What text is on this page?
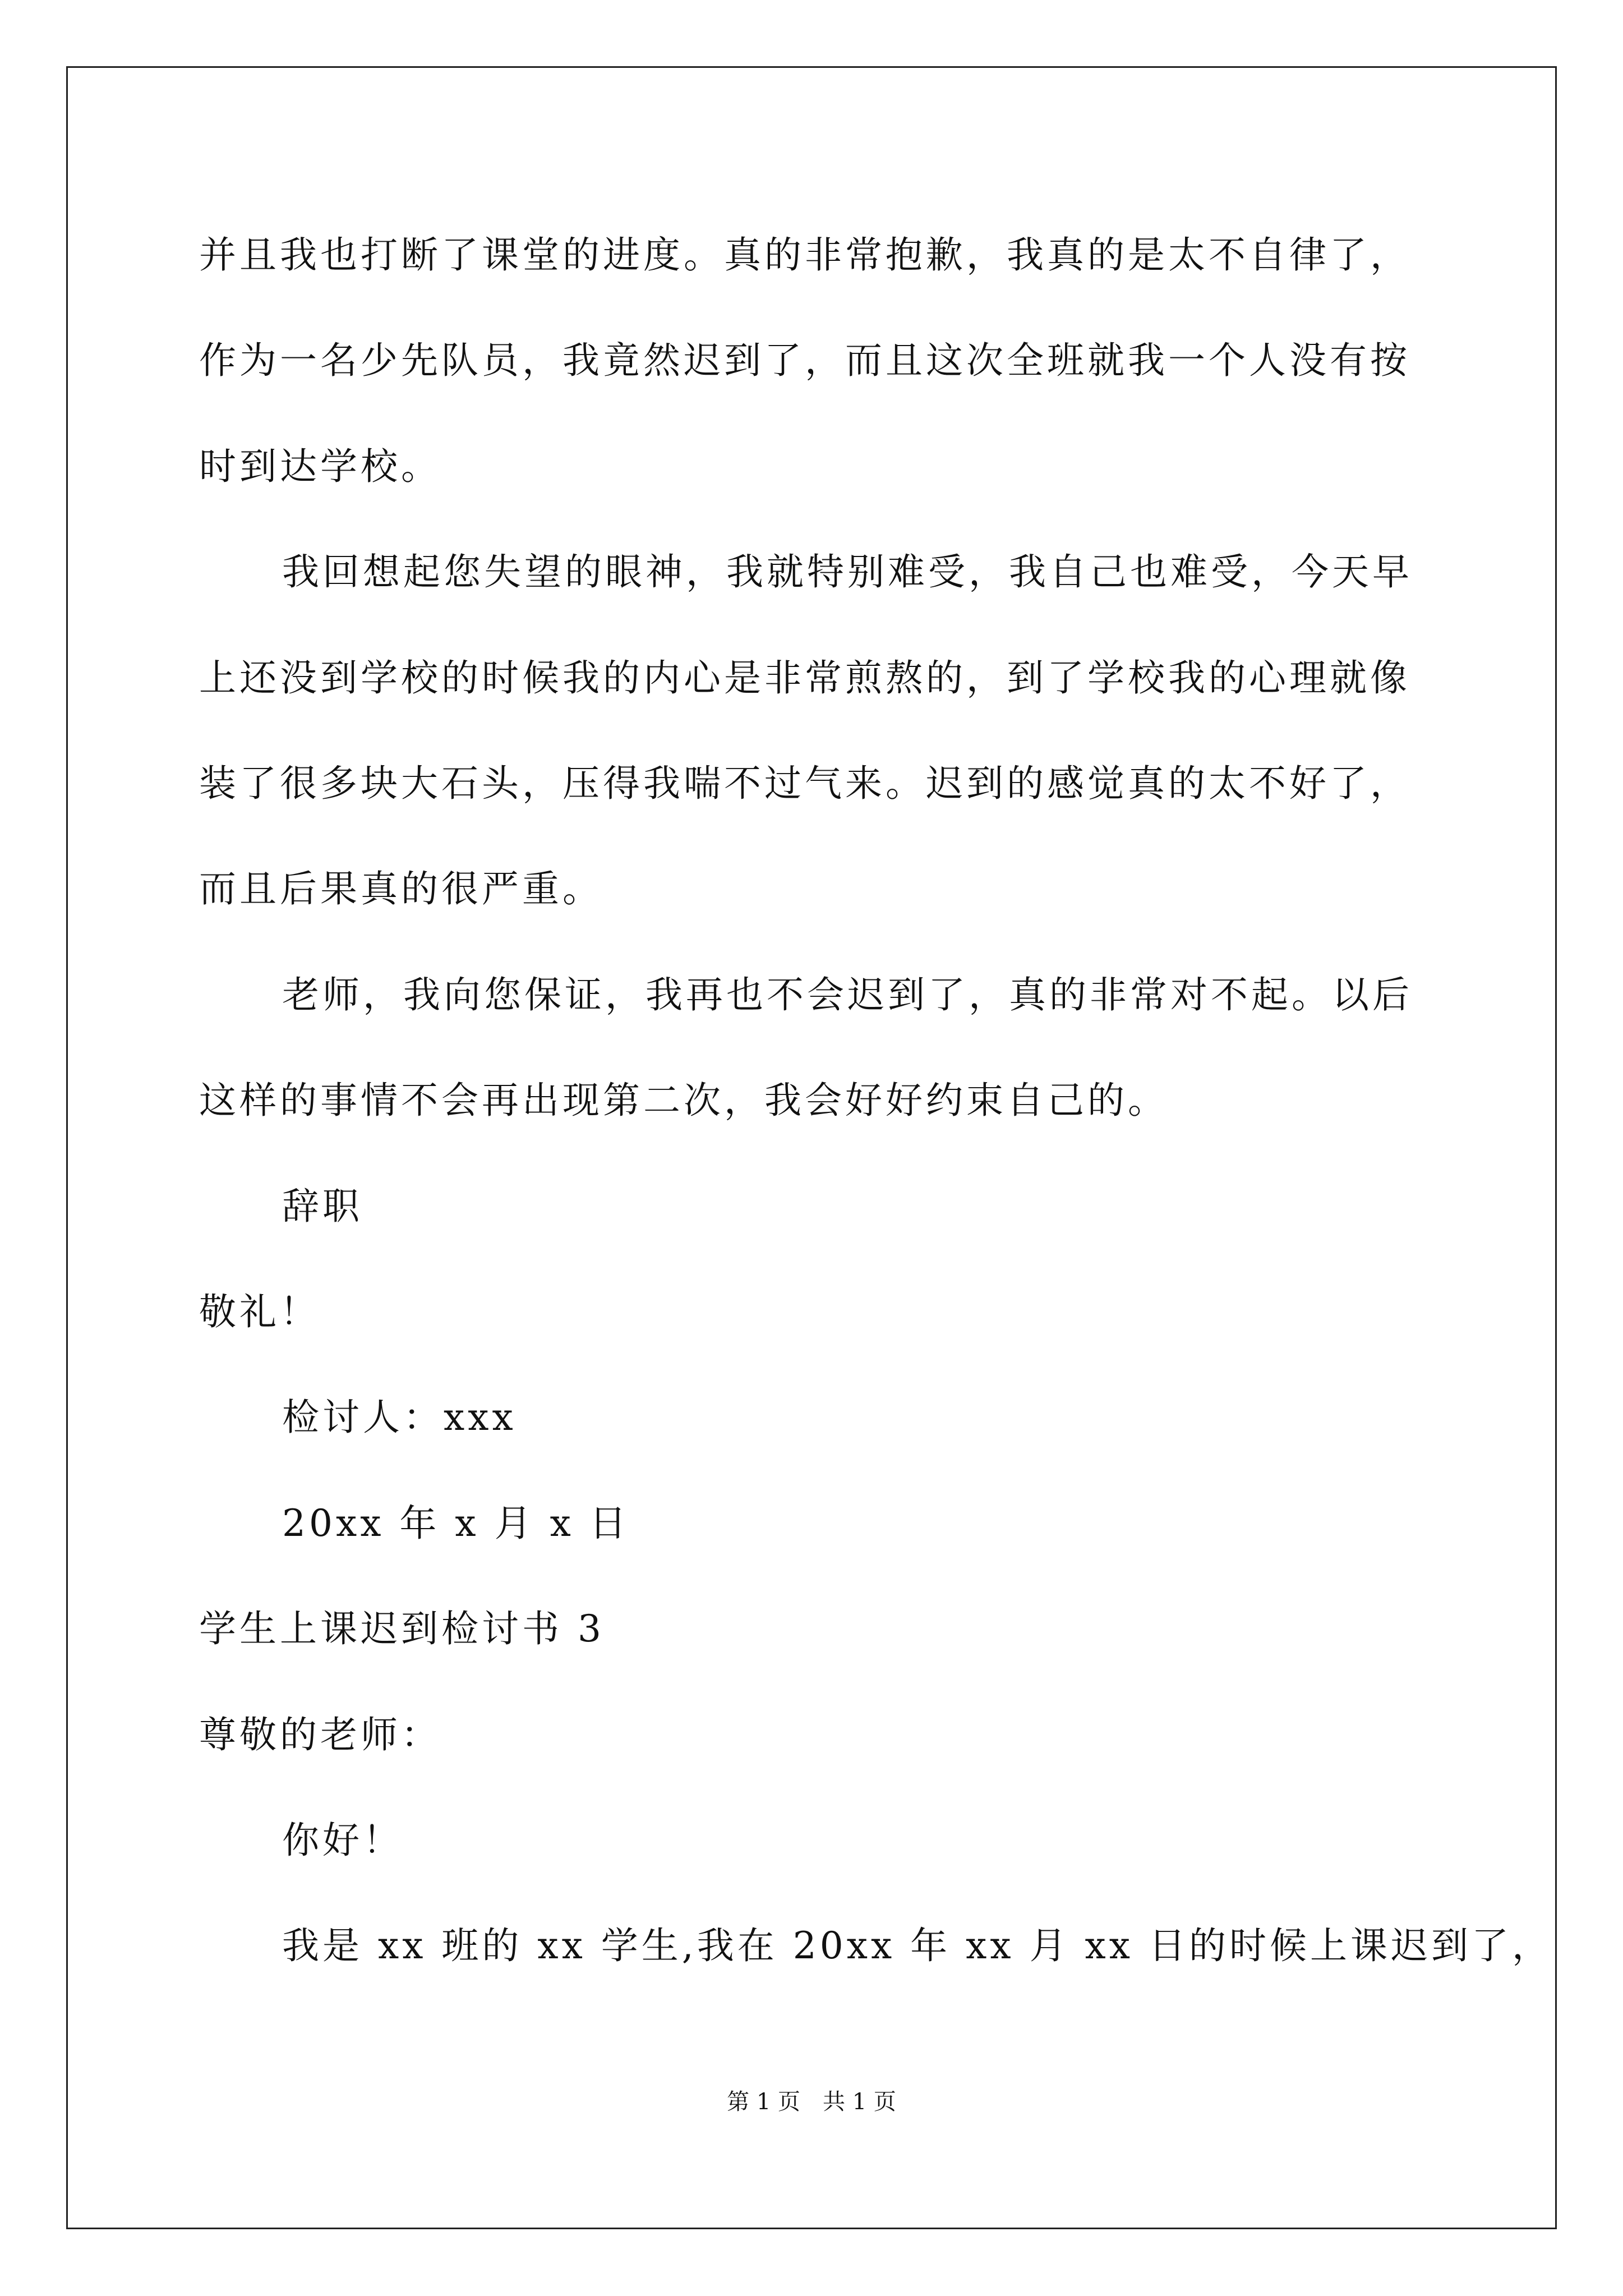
并且我也打断了课堂的进度。真的非常抱歉，我真的是太不自律了，
作为一名少先队员，我竟然迟到了，而且这次全班就我一个人没有按
时到达学校。
我回想起您失望的眼神，我就特别难受，我自己也难受，今天早
上还没到学校的时候我的内心是非常煎熬的，到了学校我的心理就像
装了很多块大石头，压得我喘不过气来。迟到的感觉真的太不好了，
而且后果真的很严重。
老师，我向您保证，我再也不会迟到了，真的非常对不起。以后
这样的事情不会再出现第二次，我会好好约束自己的。
辞职
敬礼！
检讨人：xxx
20xx 年 x 月 x 日
学生上课迟到检讨书 3
尊敬的老师：
你好！
我是 xx 班的 xx 学生,我在 20xx 年 xx 月 xx 日的时候上课迟到了，
第 1 页　共 1 页
